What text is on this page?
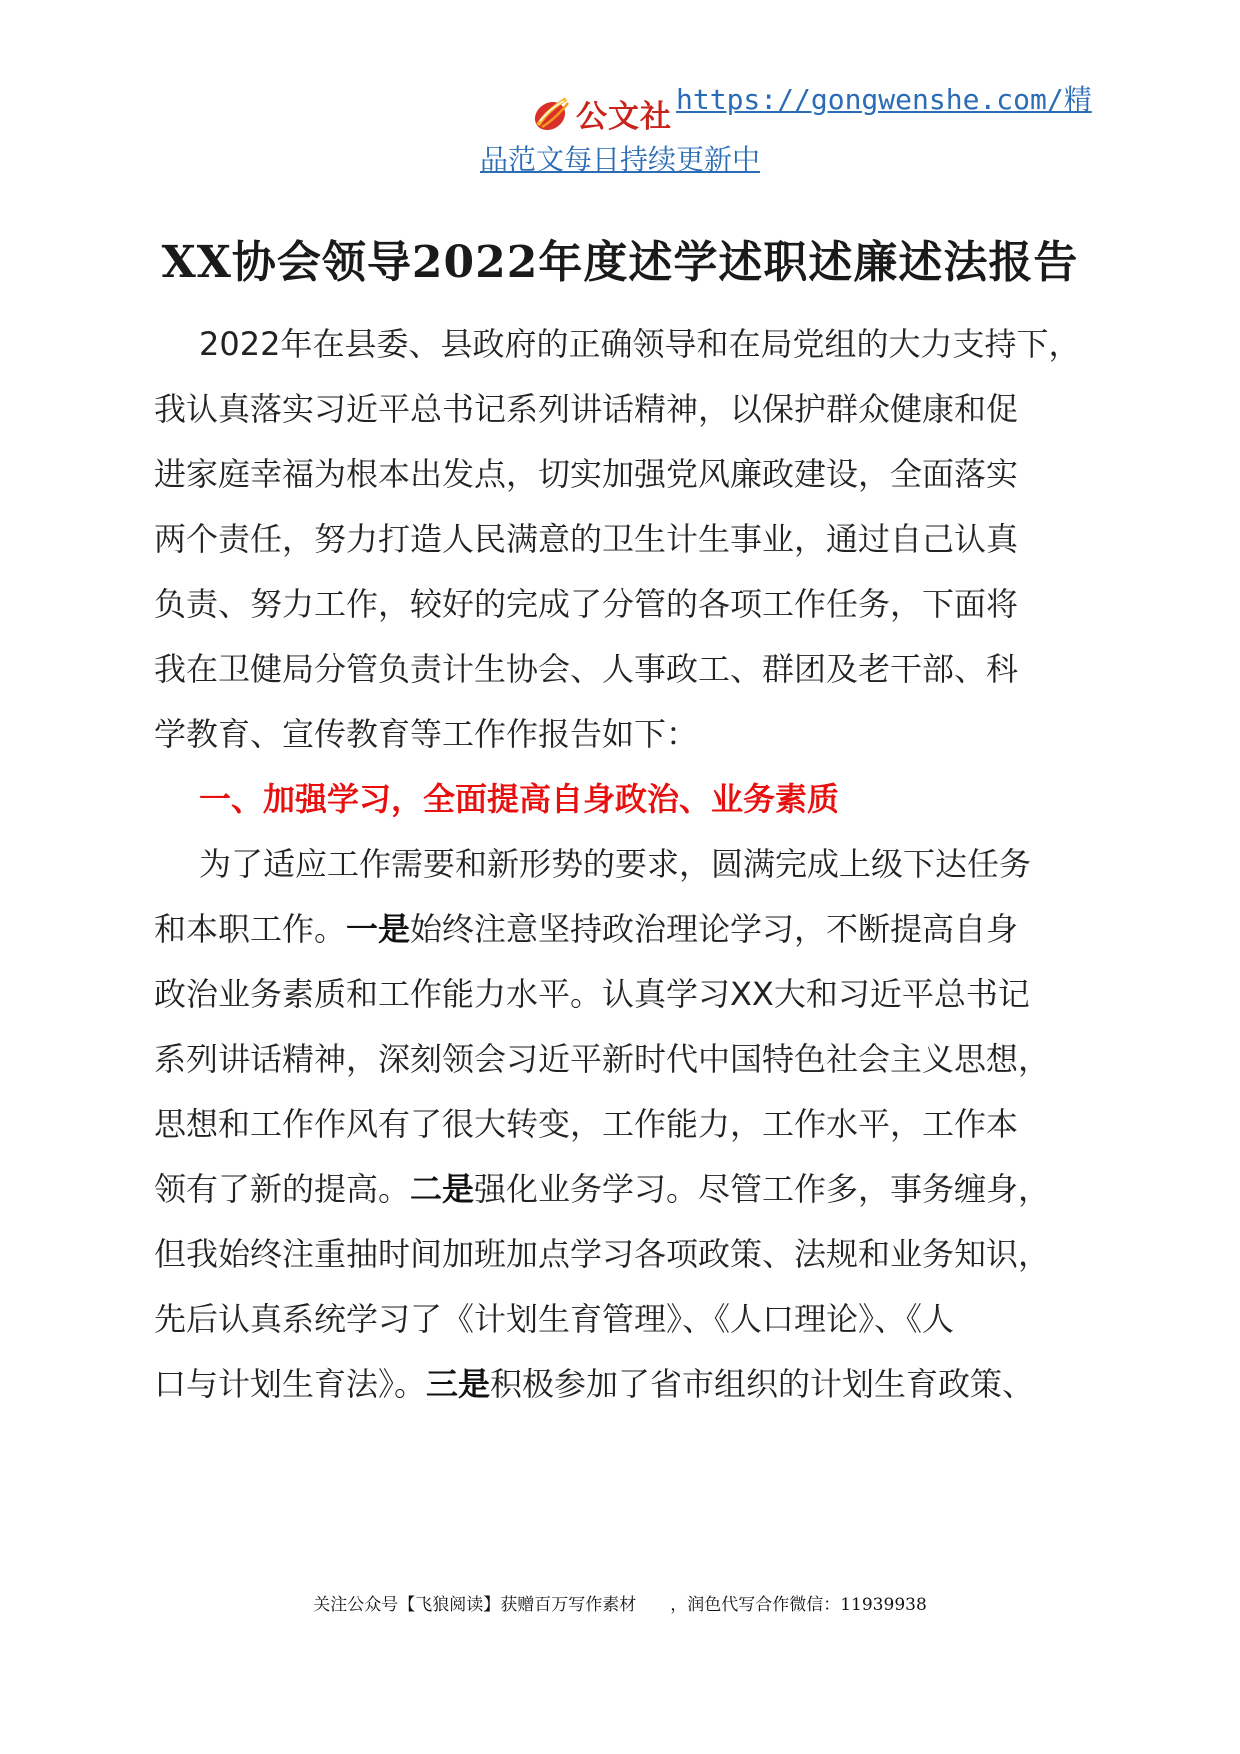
公文社 https://gongwenshe.com/精
品范文每日持续更新中
XX协会领导2022年度述学述职述廉述法报告
2022年在县委、县政府的正确领导和在局党组的大力支持下，
我认真落实习近平总书记系列讲话精神，以保护群众健康和促
进家庭幸福为根本出发点，切实加强党风廉政建设，全面落实
两个责任，努力打造人民满意的卫生计生事业，通过自己认真
负责、努力工作，较好的完成了分管的各项工作任务，下面将
我在卫健局分管负责计生协会、人事政工、群团及老干部、科
学教育、宣传教育等工作作报告如下：
一、加强学习，全面提高自身政治、业务素质
为了适应工作需要和新形势的要求，圆满完成上级下达任务
和本职工作。一是始终注意坚持政治理论学习，不断提高自身
政治业务素质和工作能力水平。认真学习XX大和习近平总书记
系列讲话精神，深刻领会习近平新时代中国特色社会主义思想，
思想和工作作风有了很大转变，工作能力，工作水平，工作本
领有了新的提高。二是强化业务学习。尽管工作多，事务缠身，
但我始终注重抽时间加班加点学习各项政策、法规和业务知识，
先后认真系统学习了《计划生育管理》、《人口理论》、《人
口与计划生育法》。三是积极参加了省市组织的计划生育政策、
关注公众号【飞狼阅读】获赠百万写作素材　　，润色代写合作微信：11939938
